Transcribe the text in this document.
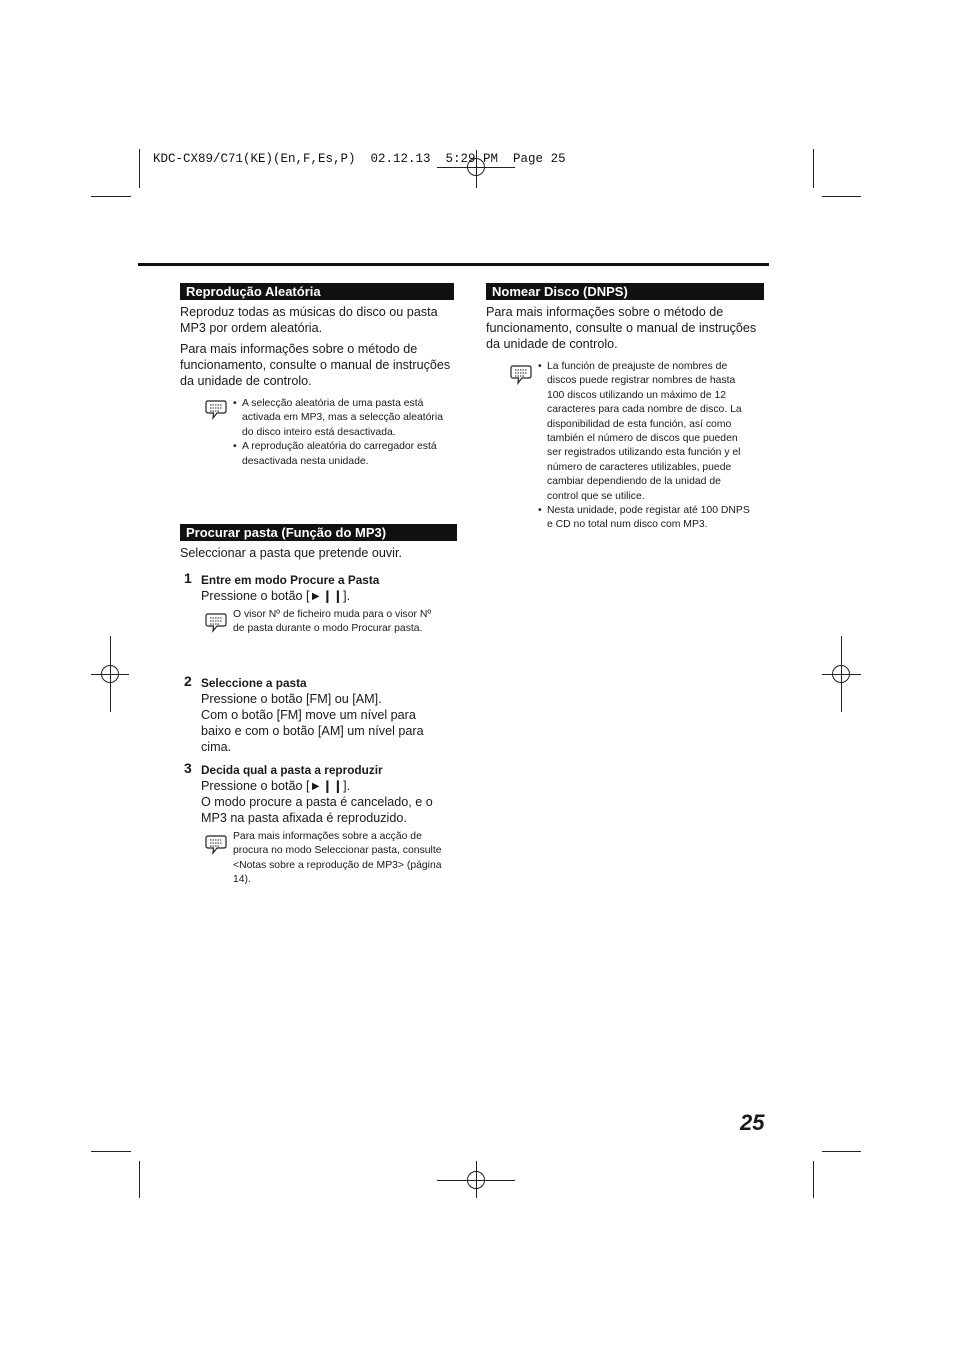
KDC-CX89/C71(KE)(En,F,Es,P)  02.12.13  5:29 PM  Page 25
Reprodução Aleatória
Reproduz todas as músicas do disco ou pasta MP3 por ordem aleatória.
Para mais informações sobre o método de funcionamento, consulte o manual de instruções da unidade de controlo.
• A selecção aleatória de uma pasta está activada em MP3, mas a selecção aleatória do disco inteiro está desactivada.
• A reprodução aleatória do carregador está desactivada nesta unidade.
Procurar pasta (Função do MP3)
Seleccionar a pasta que pretende ouvir.
1 Entre em modo Procure a Pasta

Pressione o botão [►❙❙].

O visor Nº de ficheiro muda para o visor Nº de pasta durante o modo Procurar pasta.
2 Seleccione a pasta

Pressione o botão [FM] ou [AM].

Com o botão [FM] move um nível para baixo e com o botão [AM] um nível para cima.

3 Decida qual a pasta a reproduzir

Pressione o botão [►❙❙].

O modo procure a pasta é cancelado, e o MP3 na pasta afixada é reproduzido.

Para mais informações sobre a acção de procura no modo Seleccionar pasta, consulte <Notas sobre a reprodução de MP3> (página 14).
Nomear Disco (DNPS)
Para mais informações sobre o método de funcionamento, consulte o manual de instruções da unidade de controlo.
• La función de preajuste de nombres de discos puede registrar nombres de hasta 100 discos utilizando un máximo de 12 caracteres para cada nombre de disco. La disponibilidad de esta función, así como también el número de discos que pueden ser registrados utilizando esta función y el número de caracteres utilizables, puede cambiar dependiendo de la unidad de control que se utilice.
• Nesta unidade, pode registar até 100 DNPS e CD no total num disco com MP3.
25
